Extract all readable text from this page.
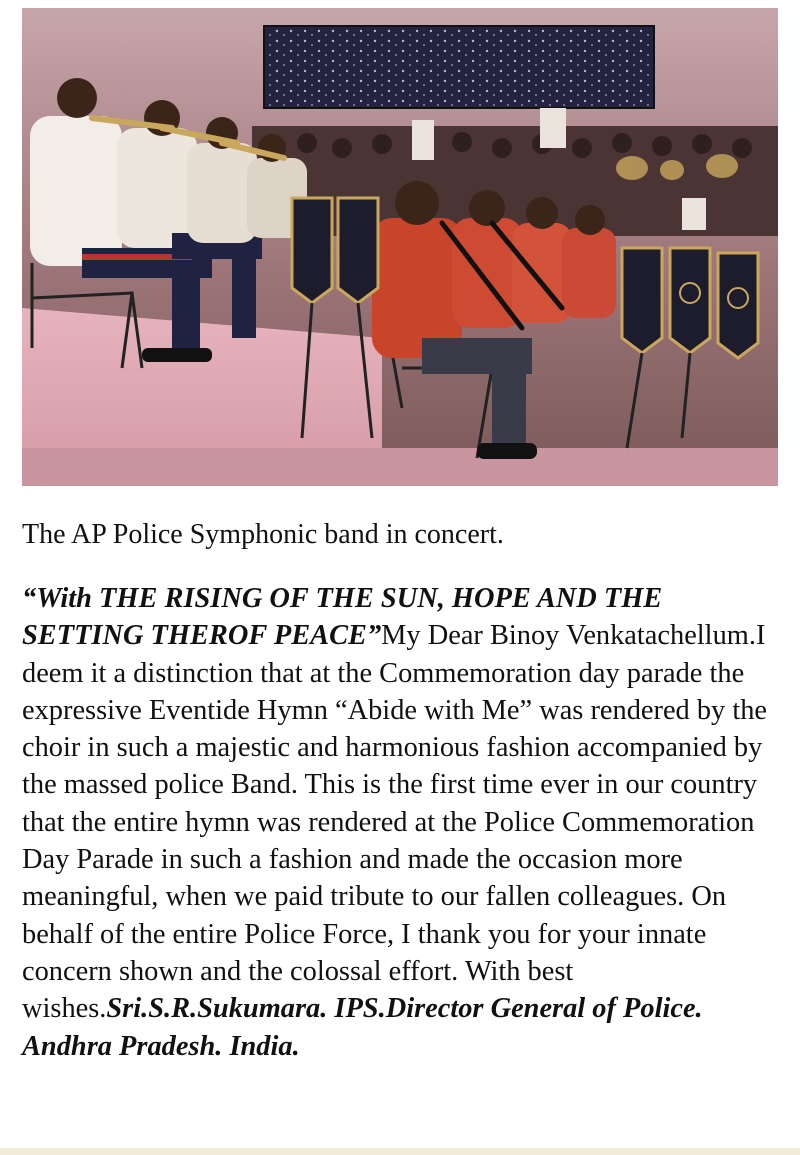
The AP Police Symphonic band in concert.

“With THE RISING OF THE SUN, HOPE AND THE SETTING THEROF PEACE”My Dear Binoy Venkatachellum.I deem it a distinction that at the Commemoration day parade the expressive Eventide Hymn “Abide with Me” was rendered by the choir in such a majestic and harmonious fashion accompanied by the massed police Band. This is the first time ever in our country that the entire hymn was rendered at the Police Commemoration Day Parade in such a fashion and made the occasion more meaningful, when we paid tribute to our fallen colleagues. On behalf of the entire Police Force, I thank you for your innate concern shown and the colossal effort. With best wishes.Sri.S.R.Sukumara. IPS.Director General of Police. Andhra Pradesh. India.
